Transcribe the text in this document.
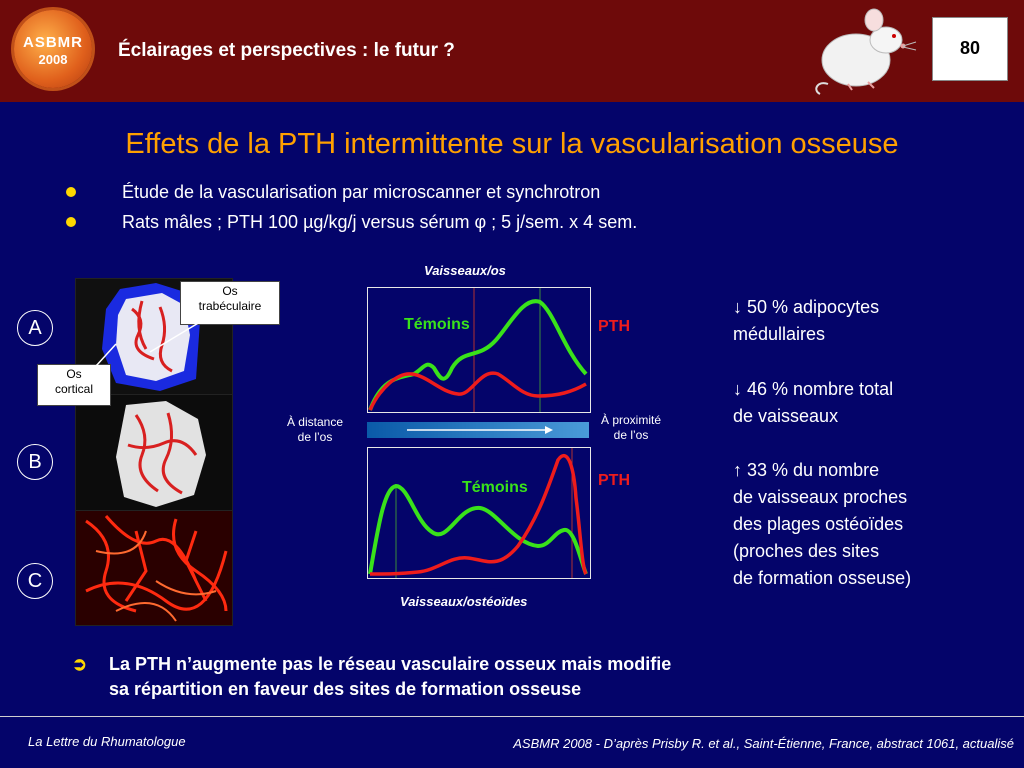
ASBMR
2008	Éclairages et perspectives : le futur ?	80
Effets de la PTH intermittente sur la vascularisation osseuse
Étude de la vascularisation par microscanner et synchrotron
Rats mâles ; PTH 100 µg/kg/j versus sérum φ ; 5 j/sem. x 4 sem.
A
B
C
Os
trabéculaire
Os
cortical
Vaisseaux/os
Témoins	PTH
À distance
de l’os
À proximité
de l’os
Témoins	PTH
Vaisseaux/ostéoïdes
↓ 50 % adipocytes
médullaires
↓ 46 % nombre total
de vaisseaux
↑ 33 % du nombre
de vaisseaux proches
des plages ostéoïdes
(proches des sites
de formation osseuse)
➲ La PTH n’augmente pas le réseau vasculaire osseux mais modifie
sa répartition en faveur des sites de formation osseuse
La Lettre du Rhumatologue	ASBMR 2008 - D’après Prisby R. et al., Saint-Étienne, France, abstract 1061, actualisé
